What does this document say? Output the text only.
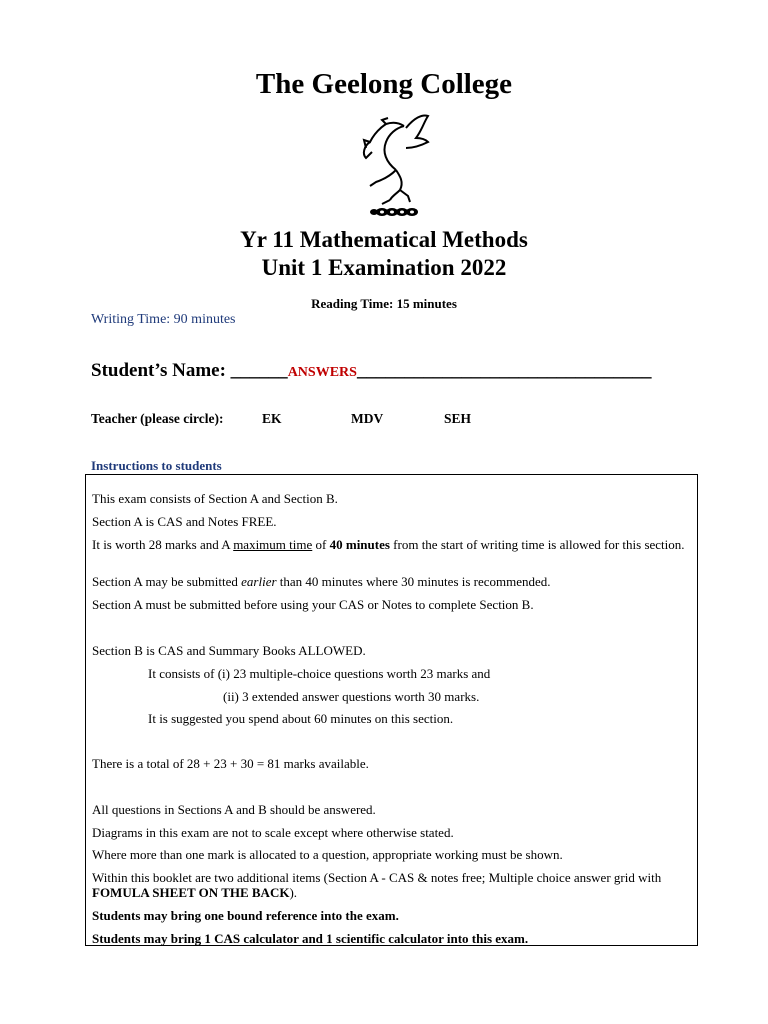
The Geelong College
Yr 11 Mathematical Methods
Unit 1 Examination 2022
Reading Time: 15 minutes
Writing Time: 90 minutes
Student’s Name: ______ANSWERS_______________________________
Teacher (please circle):	EK	MDV	SEH
Instructions to students
This exam consists of Section A and Section B.
Section A is CAS and Notes FREE.
It is worth 28 marks and A maximum time of 40 minutes from the start of writing time is allowed for this section.
Section A may be submitted earlier than 40 minutes where 30 minutes is recommended.
Section A must be submitted before using your CAS or Notes to complete Section B.
Section B is CAS and Summary Books ALLOWED.
It consists of (i) 23 multiple-choice questions worth 23 marks and
(ii) 3 extended answer questions worth 30 marks.
It is suggested you spend about 60 minutes on this section.
There is a total of 28 + 23 + 30 = 81 marks available.
All questions in Sections A and B should be answered.
Diagrams in this exam are not to scale except where otherwise stated.
Where more than one mark is allocated to a question, appropriate working must be shown.
Within this booklet are two additional items (Section A - CAS & notes free; Multiple choice answer grid with FOMULA SHEET ON THE BACK).
Students may bring one bound reference into the exam.
Students may bring 1 CAS calculator and 1 scientific calculator into this exam.
